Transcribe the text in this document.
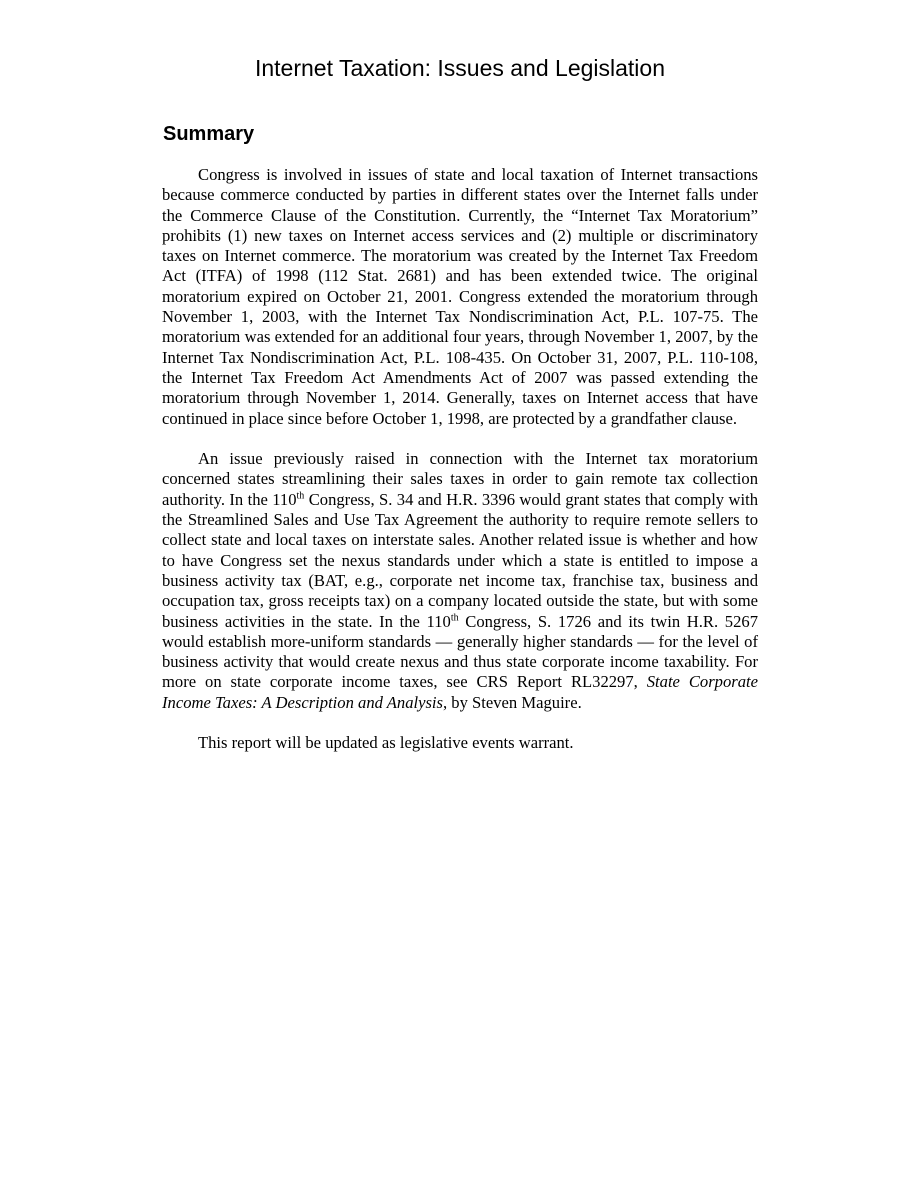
Internet Taxation: Issues and Legislation
Summary

Congress is involved in issues of state and local taxation of Internet transactions because commerce conducted by parties in different states over the Internet falls under the Commerce Clause of the Constitution. Currently, the “Internet Tax Moratorium” prohibits (1) new taxes on Internet access services and (2) multiple or discriminatory taxes on Internet commerce. The moratorium was created by the Internet Tax Freedom Act (ITFA) of 1998 (112 Stat. 2681) and has been extended twice. The original moratorium expired on October 21, 2001. Congress extended the moratorium through November 1, 2003, with the Internet Tax Nondiscrimination Act, P.L. 107-75. The moratorium was extended for an additional four years, through November 1, 2007, by the Internet Tax Nondiscrimination Act, P.L. 108-435. On October 31, 2007, P.L. 110-108, the Internet Tax Freedom Act Amendments Act of 2007 was passed extending the moratorium through November 1, 2014. Generally, taxes on Internet access that have continued in place since before October 1, 1998, are protected by a grandfather clause.

An issue previously raised in connection with the Internet tax moratorium concerned states streamlining their sales taxes in order to gain remote tax collection authority. In the 110th Congress, S. 34 and H.R. 3396 would grant states that comply with the Streamlined Sales and Use Tax Agreement the authority to require remote sellers to collect state and local taxes on interstate sales. Another related issue is whether and how to have Congress set the nexus standards under which a state is entitled to impose a business activity tax (BAT, e.g., corporate net income tax, franchise tax, business and occupation tax, gross receipts tax) on a company located outside the state, but with some business activities in the state. In the 110th Congress, S. 1726 and its twin H.R. 5267 would establish more-uniform standards — generally higher standards — for the level of business activity that would create nexus and thus state corporate income taxability. For more on state corporate income taxes, see CRS Report RL32297, State Corporate Income Taxes: A Description and Analysis, by Steven Maguire.

This report will be updated as legislative events warrant.
